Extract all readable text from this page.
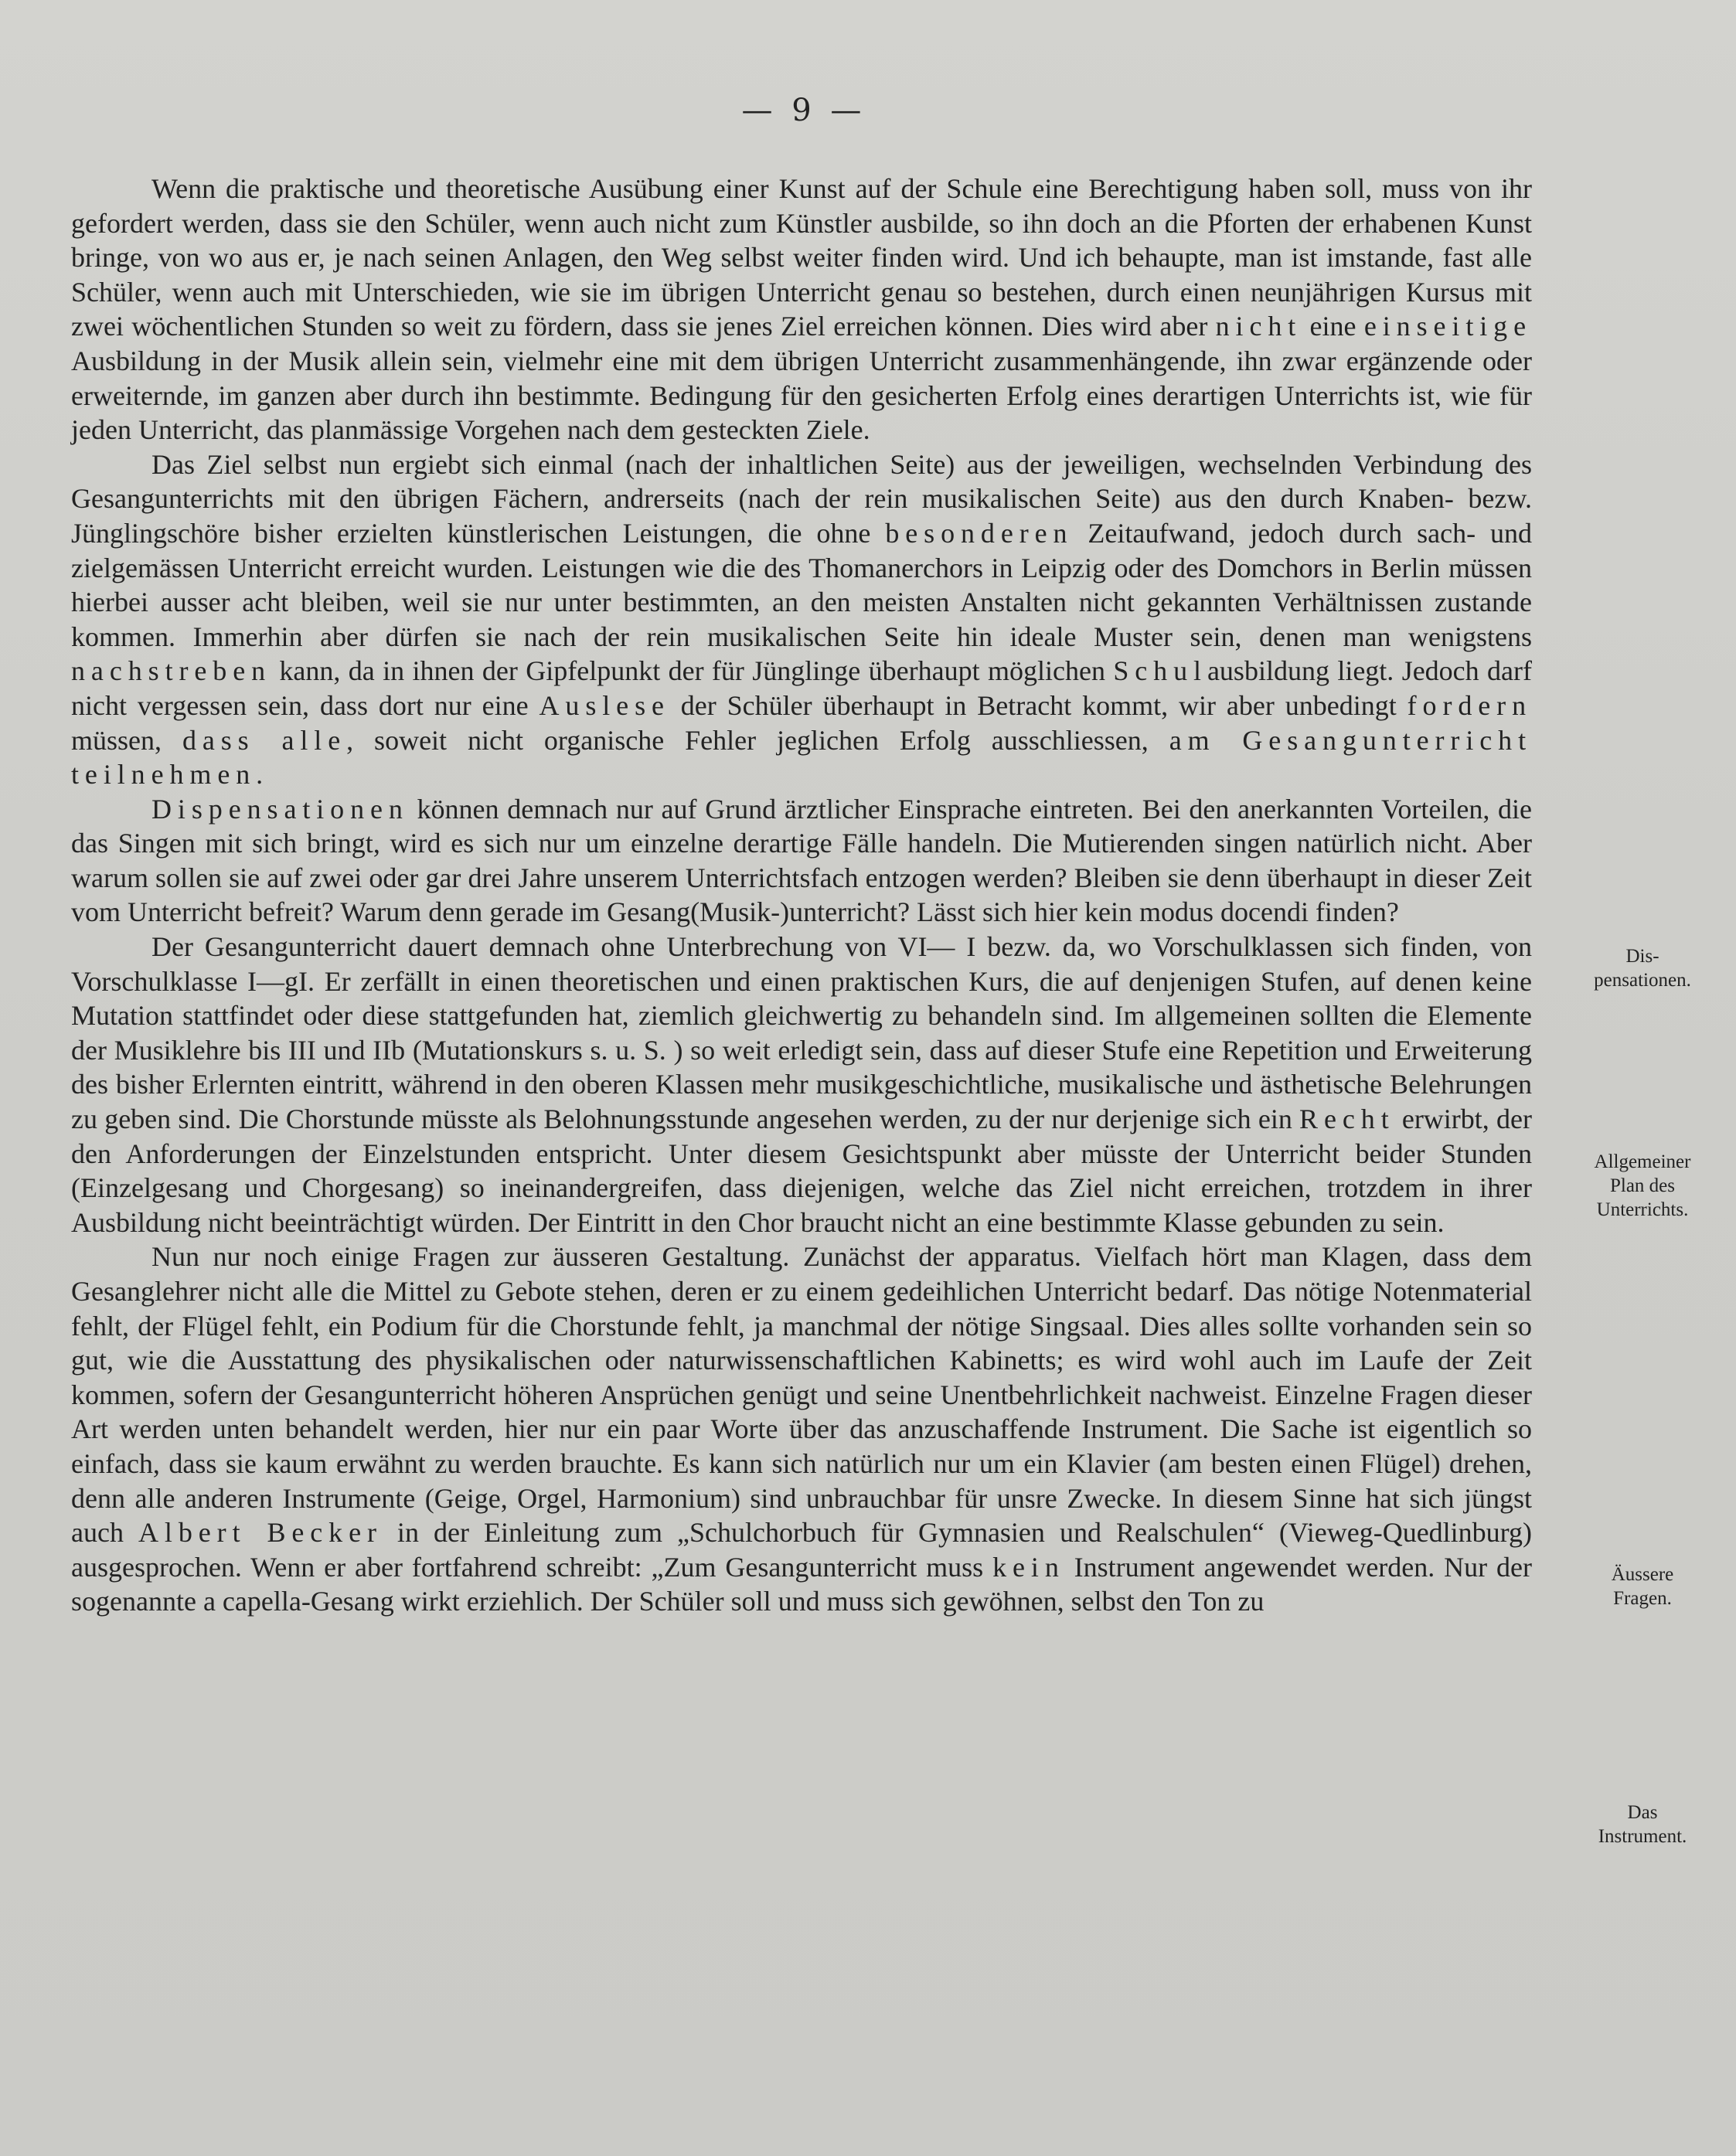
— 9 —

Wenn die praktische und theoretische Ausübung einer Kunst auf der Schule eine Berechtigung haben soll, muss von ihr gefordert werden, dass sie den Schüler, wenn auch nicht zum Künstler ausbilde, so ihn doch an die Pforten der erhabenen Kunst bringe, von wo aus er, je nach seinen Anlagen, den Weg selbst weiter finden wird. Und ich behaupte, man ist imstande, fast alle Schüler, wenn auch mit Unterschieden, wie sie im übrigen Unterricht genau so bestehen, durch einen neunjährigen Kursus mit zwei wöchentlichen Stunden so weit zu fördern, dass sie jenes Ziel erreichen können. Dies wird aber nicht eine einseitige Ausbildung in der Musik allein sein, vielmehr eine mit dem übrigen Unterricht zusammenhängende, ihn zwar ergänzende oder erweiternde, im ganzen aber durch ihn bestimmte. Bedingung für den gesicherten Erfolg eines derartigen Unterrichts ist, wie für jeden Unterricht, das planmässige Vorgehen nach dem gesteckten Ziele.

Das Ziel selbst nun ergiebt sich einmal (nach der inhaltlichen Seite) aus der jeweiligen, wechselnden Verbindung des Gesangunterrichts mit den übrigen Fächern, andrerseits (nach der rein musikalischen Seite) aus den durch Knaben- bezw. Jünglingschöre bisher erzielten künstlerischen Leistungen, die ohne besonderen Zeitaufwand, jedoch durch sach- und zielgemässen Unterricht erreicht wurden. Leistungen wie die des Thomanerchors in Leipzig oder des Domchors in Berlin müssen hierbei ausser acht bleiben, weil sie nur unter bestimmten, an den meisten Anstalten nicht gekannten Verhältnissen zustande kommen. Immerhin aber dürfen sie nach der rein musikalischen Seite hin ideale Muster sein, denen man wenigstens nachstreben kann, da in ihnen der Gipfelpunkt der für Jünglinge überhaupt möglichen Schulausbildung liegt. Jedoch darf nicht vergessen sein, dass dort nur eine Auslese der Schüler überhaupt in Betracht kommt, wir aber unbedingt fordern müssen, dass alle, soweit nicht organische Fehler jeglichen Erfolg ausschliessen, am Gesangunterricht teilnehmen.

Dispensationen können demnach nur auf Grund ärztlicher Einsprache eintreten. Bei den anerkannten Vorteilen, die das Singen mit sich bringt, wird es sich nur um einzelne derartige Fälle handeln. Die Mutierenden singen natürlich nicht. Aber warum sollen sie auf zwei oder gar drei Jahre unserem Unterrichtsfach entzogen werden? Bleiben sie denn überhaupt in dieser Zeit vom Unterricht befreit? Warum denn gerade im Gesang(Musik-)unterricht? Lässt sich hier kein modus docendi finden?

Der Gesangunterricht dauert demnach ohne Unterbrechung von VI— I bezw. da, wo Vorschulklassen sich finden, von Vorschulklasse I—gI. Er zerfällt in einen theoretischen und einen praktischen Kurs, die auf denjenigen Stufen, auf denen keine Mutation stattfindet oder diese stattgefunden hat, ziemlich gleichwertig zu behandeln sind. Im allgemeinen sollten die Elemente der Musiklehre bis III und IIb (Mutationskurs s. u. S. ) so weit erledigt sein, dass auf dieser Stufe eine Repetition und Erweiterung des bisher Erlernten eintritt, während in den oberen Klassen mehr musikgeschichtliche, musikalische und ästhetische Belehrungen zu geben sind. Die Chorstunde müsste als Belohnungsstunde angesehen werden, zu der nur derjenige sich ein Recht erwirbt, der den Anforderungen der Einzelstunden entspricht. Unter diesem Gesichtspunkt aber müsste der Unterricht beider Stunden (Einzelgesang und Chorgesang) so ineinandergreifen, dass diejenigen, welche das Ziel nicht erreichen, trotzdem in ihrer Ausbildung nicht beeinträchtigt würden. Der Eintritt in den Chor braucht nicht an eine bestimmte Klasse gebunden zu sein.

Nun nur noch einige Fragen zur äusseren Gestaltung. Zunächst der apparatus. Vielfach hört man Klagen, dass dem Gesanglehrer nicht alle die Mittel zu Gebote stehen, deren er zu einem gedeihlichen Unterricht bedarf. Das nötige Notenmaterial fehlt, der Flügel fehlt, ein Podium für die Chorstunde fehlt, ja manchmal der nötige Singsaal. Dies alles sollte vorhanden sein so gut, wie die Ausstattung des physikalischen oder naturwissenschaftlichen Kabinetts; es wird wohl auch im Laufe der Zeit kommen, sofern der Gesangunterricht höheren Ansprüchen genügt und seine Unentbehrlichkeit nachweist. Einzelne Fragen dieser Art werden unten behandelt werden, hier nur ein paar Worte über das anzuschaffende Instrument. Die Sache ist eigentlich so einfach, dass sie kaum erwähnt zu werden brauchte. Es kann sich natürlich nur um ein Klavier (am besten einen Flügel) drehen, denn alle anderen Instrumente (Geige, Orgel, Harmonium) sind unbrauchbar für unsre Zwecke. In diesem Sinne hat sich jüngst auch Albert Becker in der Einleitung zum „Schulchorbuch für Gymnasien und Realschulen“ (Vieweg-Quedlinburg) ausgesprochen. Wenn er aber fortfahrend schreibt: „Zum Gesangunterricht muss kein Instrument angewendet werden. Nur der sogenannte a capella-Gesang wirkt erziehlich. Der Schüler soll und muss sich gewöhnen, selbst den Ton zu

Dis-
pensationen.
Allgemeiner
Plan des
Unterrichts.
Äussere
Fragen.
Das
Instrument.
